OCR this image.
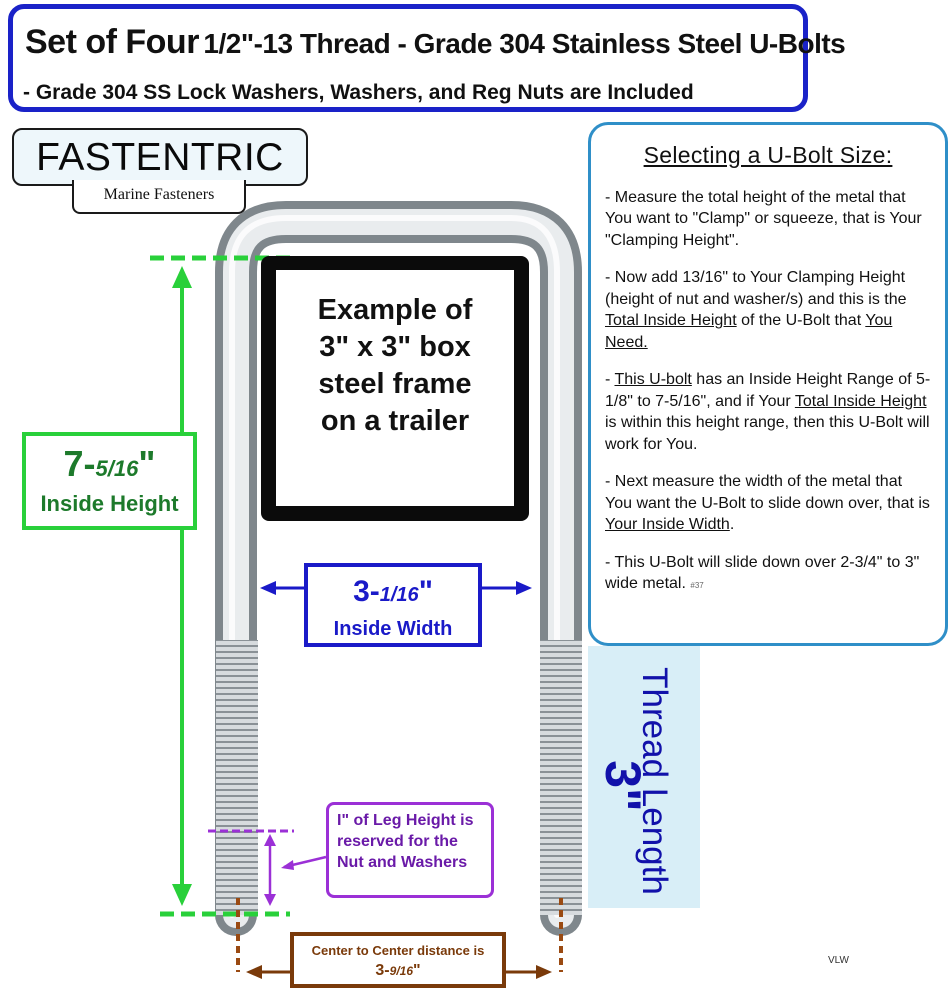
Set of Four 1/2"-13 Thread - Grade 304 Stainless Steel U-Bolts
- Grade 304 SS Lock Washers, Washers, and Reg Nuts are Included
FASTENTRIC
Marine Fasteners
Example of
3" x 3" box
steel frame
on a trailer
7-5/16"
Inside Height
3-1/16"
Inside Width
I" of Leg Height is reserved for the Nut and Washers
Center to Center distance is
3-9/16"
Thread Length
3"
Selecting a U-Bolt Size:

- Measure the total height of the metal that You want to "Clamp" or squeeze, that is Your "Clamping Height".

- Now add 13/16" to Your Clamping Height (height of nut and washer/s) and this is the Total Inside Height of the U-Bolt that You Need.

- This U-bolt has an Inside Height Range of 5-1/8" to 7-5/16", and if Your Total Inside Height is within this height range, then this U-Bolt will work for You.

- Next measure the width of the metal that You want the U-Bolt to slide down over, that is Your Inside Width.

- This U-Bolt will slide down over 2-3/4" to 3" wide metal. #37

VLW
